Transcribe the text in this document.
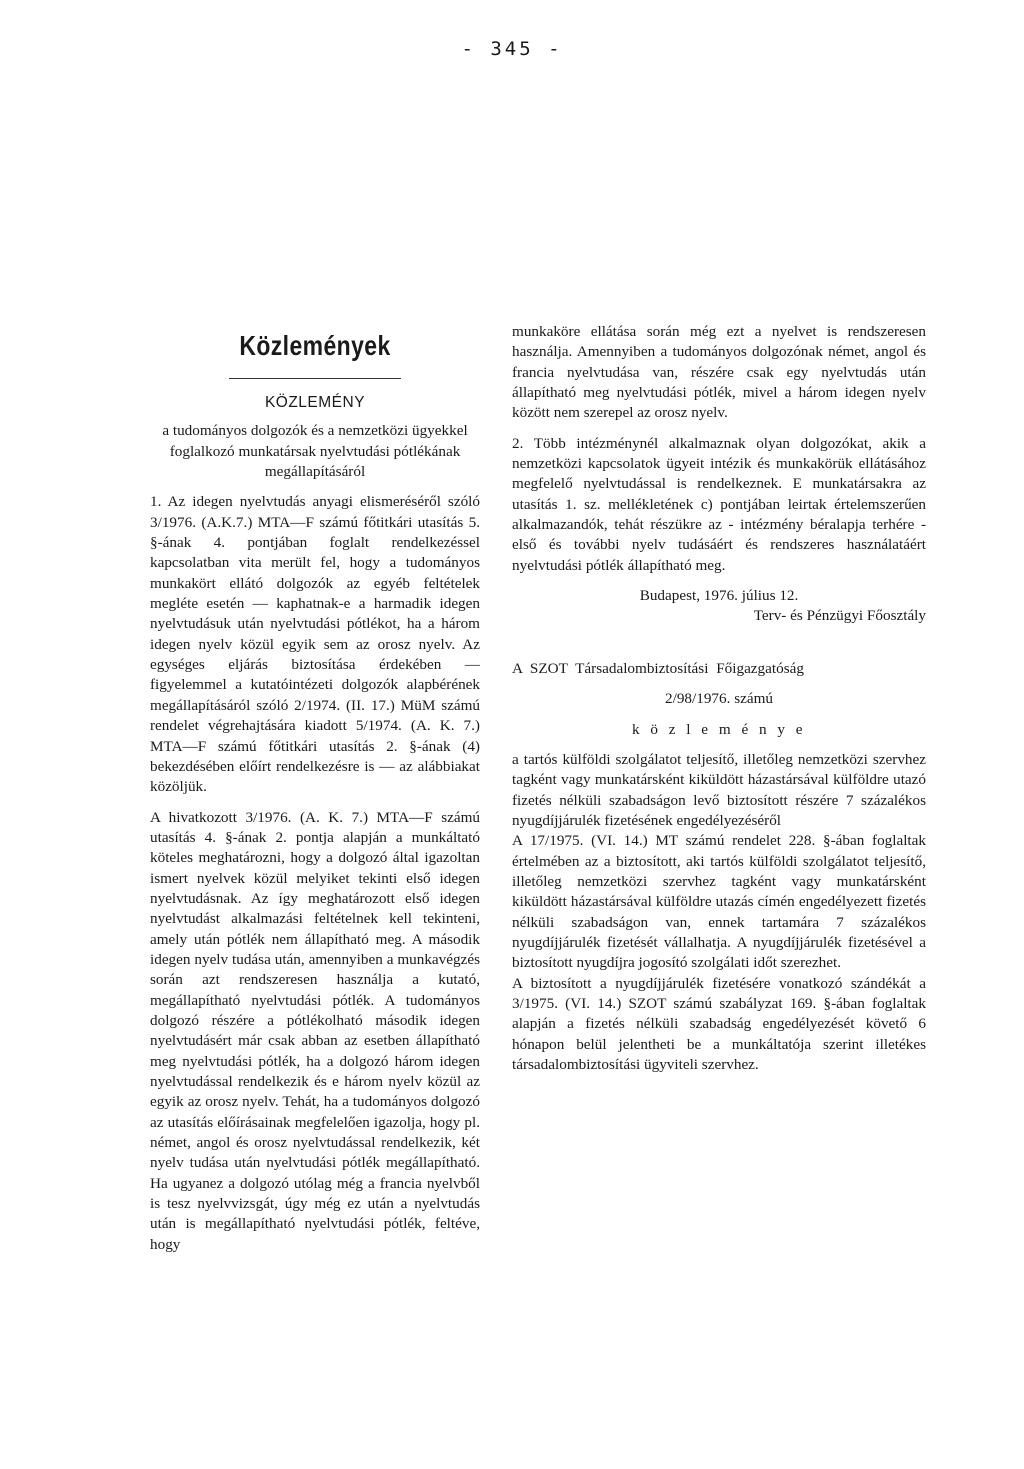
- 345 -
Közlemények
KÖZLEMÉNY

a tudományos dolgozók és a nemzetközi ügyekkel foglalkozó munkatársak nyelvtudási pótlékának megállapításáról

1. Az idegen nyelvtudás anyagi elismeréséről szóló 3/1976. (A.K.7.) MTA—F számú főtitkári utasítás 5. §-ának 4. pontjában foglalt rendelkezéssel kapcsolatban vita merült fel, hogy a tudományos munkakört ellátó dolgozók az egyéb feltételek megléte esetén — kaphatnak-e a harmadik idegen nyelvtudásuk után nyelvtudási pótlékot, ha a három idegen nyelv közül egyik sem az orosz nyelv. Az egységes eljárás biztosítása érdekében — figyelemmel a kutatóintézeti dolgozók alapbérének megállapításáról szóló 2/1974. (II. 17.) MüM számú rendelet végrehajtására kiadott 5/1974. (A. K. 7.) MTA—F számú főtitkári utasítás 2. §-ának (4) bekezdésében előírt rendelkezésre is — az alábbiakat közöljük.

A hivatkozott 3/1976. (A. K. 7.) MTA—F számú utasítás 4. §-ának 2. pontja alapján a munkáltató köteles meghatározni, hogy a dolgozó által igazoltan ismert nyelvek közül melyiket tekinti első idegen nyelvtudásnak. Az így meghatározott első idegen nyelvtudást alkalmazási feltételnek kell tekinteni, amely után pótlék nem állapítható meg. A második idegen nyelv tudása után, amennyiben a munkavégzés során azt rendszeresen használja a kutató, megállapítható nyelvtudási pótlék. A tudományos dolgozó részére a pótlékolható második idegen nyelvtudásért már csak abban az esetben állapítható meg nyelvtudási pótlék, ha a dolgozó három idegen nyelvtudással rendelkezik és e három nyelv közül az egyik az orosz nyelv. Tehát, ha a tudományos dolgozó az utasítás előírásainak megfelelően igazolja, hogy pl. német, angol és orosz nyelvtudással rendelkezik, két nyelv tudása után nyelvtudási pótlék megállapítható. Ha ugyanez a dolgozó utólag még a francia nyelvből is tesz nyelvvizsgát, úgy még ez után a nyelvtudás után is megállapítható nyelvtudási pótlék, feltéve, hogy

munkaköre ellátása során még ezt a nyelvet is rendszeresen használja. Amennyiben a tudományos dolgozónak német, angol és francia nyelvtudása van, részére csak egy nyelvtudás után állapítható meg nyelvtudási pótlék, mivel a három idegen nyelv között nem szerepel az orosz nyelv.

2. Több intézménynél alkalmaznak olyan dolgozókat, akik a nemzetközi kapcsolatok ügyeit intézik és munkakörük ellátásához megfelelő nyelvtudással is rendelkeznek. E munkatársakra az utasítás 1. sz. mellékletének c) pontjában leirtak értelemszerűen alkalmazandók, tehát részükre az - intézmény béralapja terhére - első és további nyelv tudásáért és rendszeres használatáért nyelvtudási pótlék állapítható meg.

Budapest, 1976. július 12.

Terv- és Pénzügyi Főosztály

A SZOT Társadalombiztosítási Főigazgatóság

2/98/1976. számú

k ö z l e m é n y e

a tartós külföldi szolgálatot teljesítő, illetőleg nemzetközi szervhez tagként vagy munkatársként kiküldött házastársával külföldre utazó fizetés nélküli szabadságon levő biztosított részére 7 százalékos nyugdíjjárulék fizetésének engedélyezéséről

A 17/1975. (VI. 14.) MT számú rendelet 228. §-ában foglaltak értelmében az a biztosított, aki tartós külföldi szolgálatot teljesítő, illetőleg nemzetközi szervhez tagként vagy munkatársként kiküldött házastársával külföldre utazás címén engedélyezett fizetés nélküli szabadságon van, ennek tartamára 7 százalékos nyugdíjjárulék fizetését vállalhatja. A nyugdíjjárulék fizetésével a biztosított nyugdíjra jogosító szolgálati időt szerezhet.

A biztosított a nyugdíjjárulék fizetésére vonatkozó szándékát a 3/1975. (VI. 14.) SZOT számú szabályzat 169. §-ában foglaltak alapján a fizetés nélküli szabadság engedélyezését követő 6 hónapon belül jelentheti be a munkáltatója szerint illetékes társadalombiztosítási ügyviteli szervhez.
